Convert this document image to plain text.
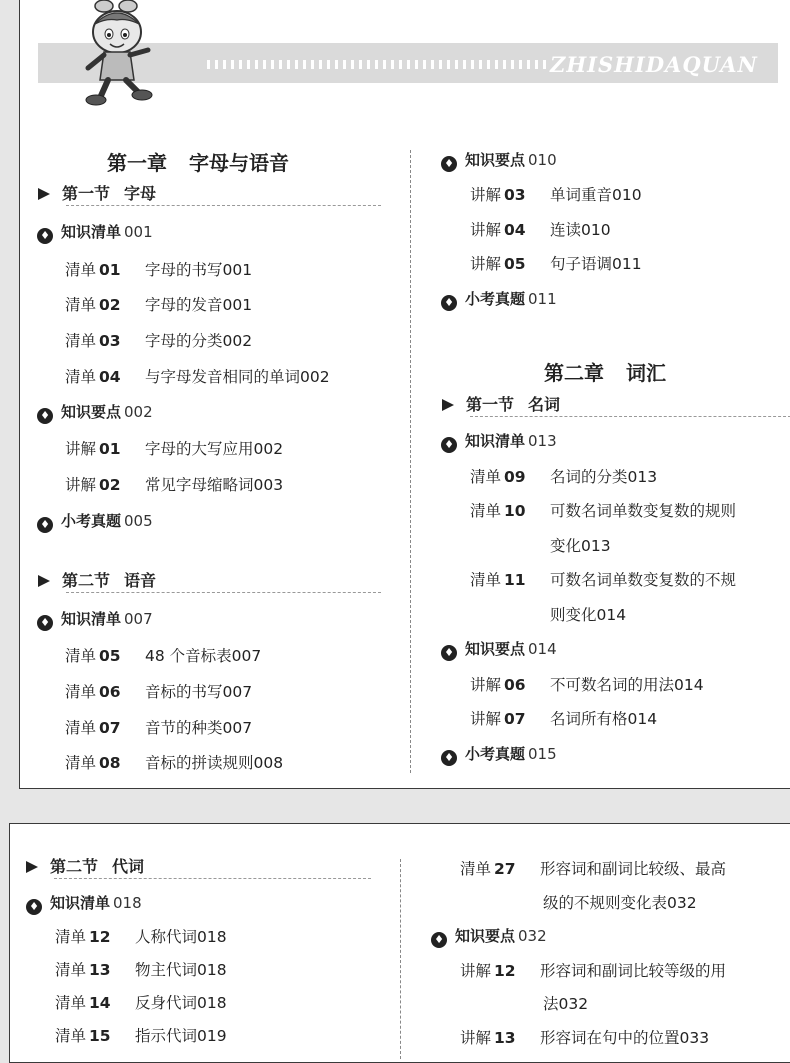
ZHISHIDAQUAN
第一章 字母与语音
第一节 字母
♦ 知识清单 001
清单 01 字母的书写001
清单 02 字母的发音001
清单 03 字母的分类002
清单 04 与字母发音相同的单词002
♦ 知识要点 002
讲解 01 字母的大写应用002
讲解 02 常见字母缩略词003
♦ 小考真题 005
第二节 语音
♦ 知识清单 007
清单 05 48 个音标表007
清单 06 音标的书写007
清单 07 音节的种类007
清单 08 音标的拼读规则008
♦ 知识要点 010
讲解 03 单词重音010
讲解 04 连读010
讲解 05 句子语调011
♦ 小考真题 011
第二章 词汇
第一节 名词
♦ 知识清单 013
清单 09 名词的分类013
清单 10 可数名词单数变复数的规则
变化013
清单 11 可数名词单数变复数的不规
则变化014
♦ 知识要点 014
讲解 06 不可数名词的用法014
讲解 07 名词所有格014
♦ 小考真题 015
第二节 代词
♦ 知识清单 018
清单 12 人称代词018
清单 13 物主代词018
清单 14 反身代词018
清单 15 指示代词019
清单 27 形容词和副词比较级、最高
级的不规则变化表032
♦ 知识要点 032
讲解 12 形容词和副词比较等级的用
法032
讲解 13 形容词在句中的位置033
